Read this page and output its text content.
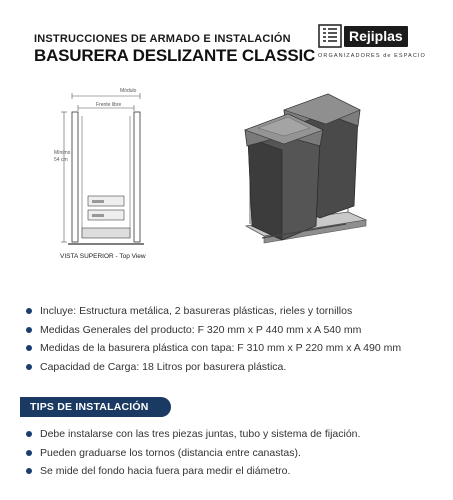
INSTRUCCIONES DE ARMADO E INSTALACIÓN
BASURERA DESLIZANTE CLASSIC
Rejiplas
ORGANIZADORES de ESPACIO
Módulo
Frente libre
Mínimo
54 cm
VISTA SUPERIOR - Top View
Incluye: Estructura metálica, 2 basureras plásticas, rieles y tornillos
Medidas Generales del producto: F 320 mm x P 440 mm x A 540 mm
Medidas de la basurera plástica con tapa: F 310 mm x P 220 mm x A 490 mm
Capacidad de Carga: 18 Litros por basurera plástica.
TIPS DE INSTALACIÓN
Debe instalarse con las tres piezas juntas, tubo y sistema de fijación.
Pueden graduarse los tornos (distancia entre canastas).
Se mide del fondo hacia fuera para medir el diámetro.
